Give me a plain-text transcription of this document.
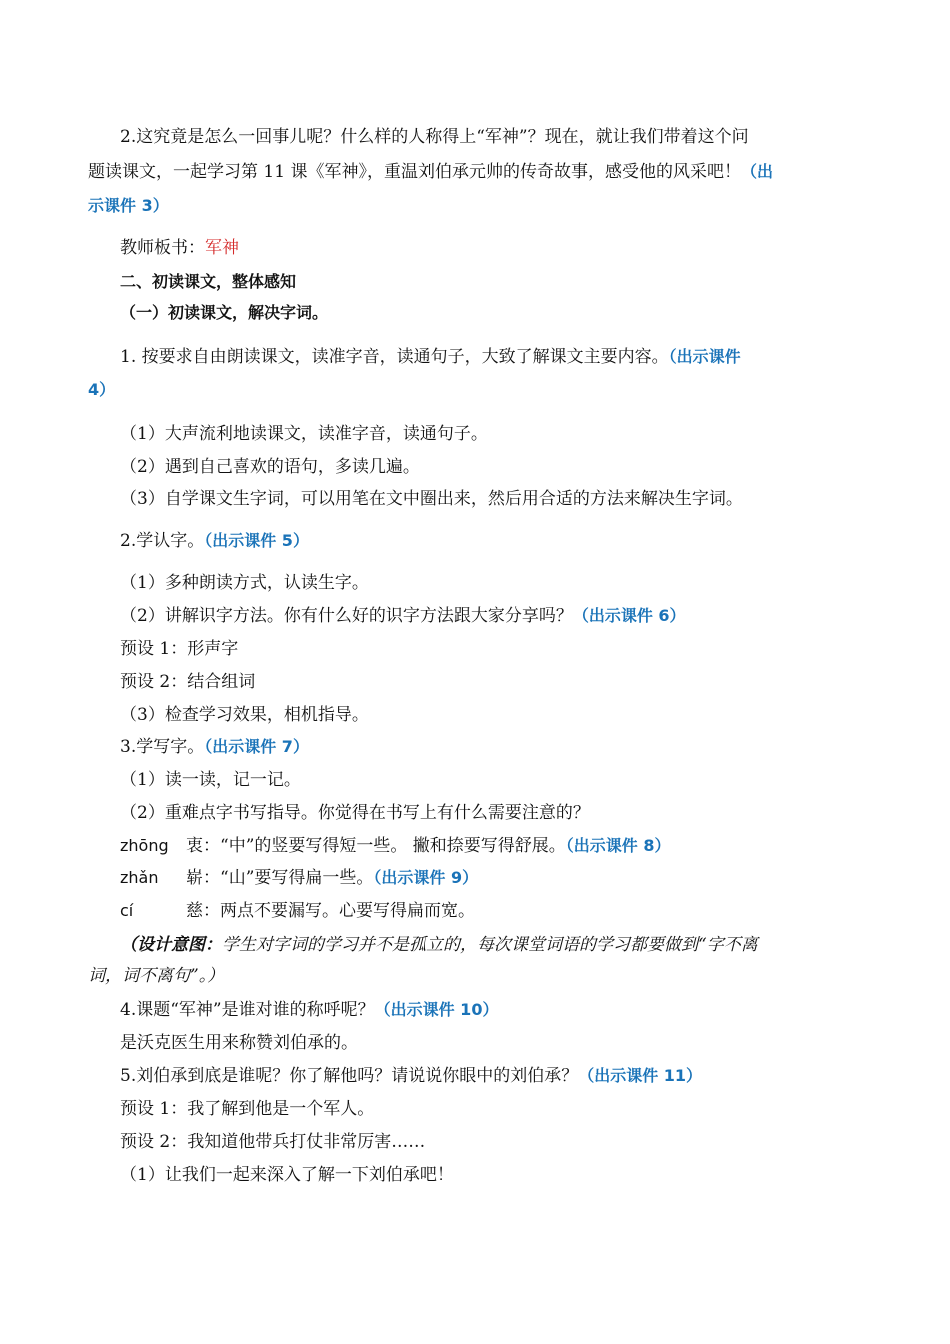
2.这究竟是怎么一回事儿呢？什么样的人称得上“军神”？现在，就让我们带着这个问
题读课文，一起学习第 11 课《军神》，重温刘伯承元帅的传奇故事，感受他的风采吧！（出
示课件 3）
教师板书：军神
二、初读课文，整体感知
（一）初读课文，解决字词。
1. 按要求自由朗读课文，读准字音，读通句子，大致了解课文主要内容。（出示课件
4）
（1）大声流利地读课文，读准字音，读通句子。
（2）遇到自己喜欢的语句，多读几遍。
（3）自学课文生字词，可以用笔在文中圈出来，然后用合适的方法来解决生字词。
2.学认字。（出示课件 5）
（1）多种朗读方式，认读生字。
（2）讲解识字方法。你有什么好的识字方法跟大家分享吗？（出示课件 6）
预设 1：形声字
预设 2：结合组词
（3）检查学习效果，相机指导。
3.学写字。（出示课件 7）
（1）读一读，记一记。
（2）重难点字书写指导。你觉得在书写上有什么需要注意的？
zhōng 衷：“中”的竖要写得短一些。 撇和捺要写得舒展。（出示课件 8）
zhǎn 崭：“山”要写得扁一些。（出示课件 9）
cí	慈：两点不要漏写。心要写得扁而宽。
（设计意图：学生对字词的学习并不是孤立的，每次课堂词语的学习都要做到“字不离
词，词不离句”。）
4.课题“军神”是谁对谁的称呼呢？（出示课件 10）
是沃克医生用来称赞刘伯承的。
5.刘伯承到底是谁呢？你了解他吗？请说说你眼中的刘伯承？（出示课件 11）
预设 1：我了解到他是一个军人。
预设 2：我知道他带兵打仗非常厉害……
（1）让我们一起来深入了解一下刘伯承吧！
